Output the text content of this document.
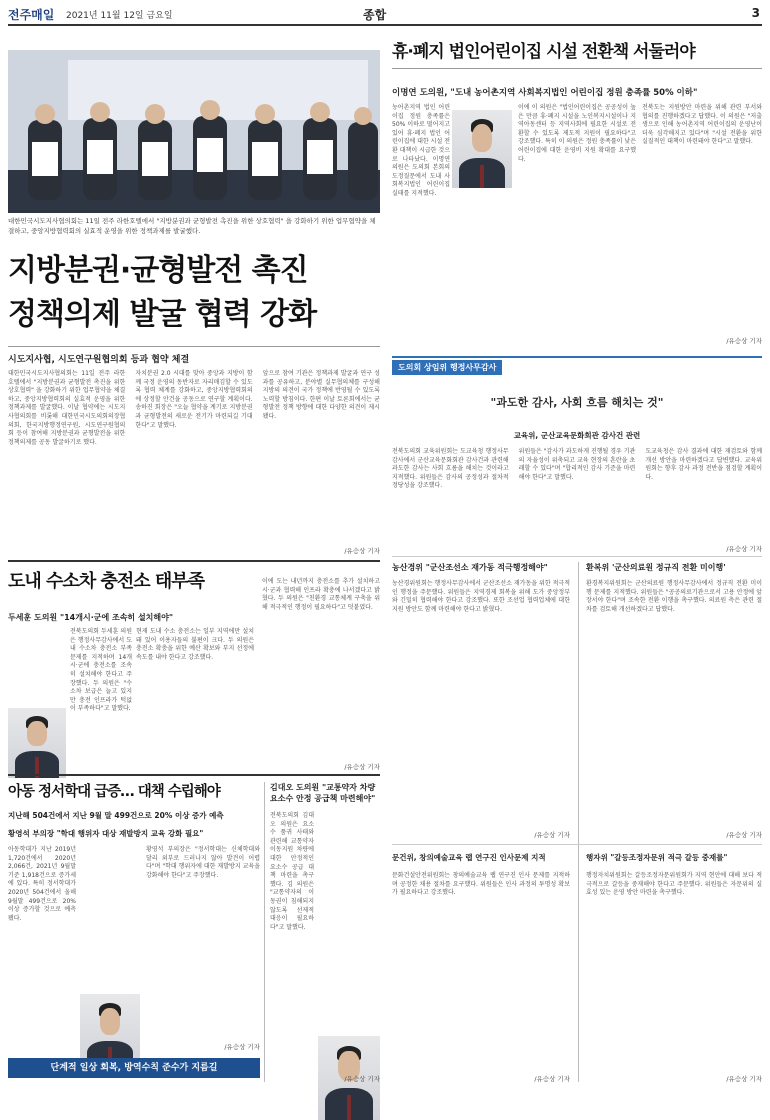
전주매일 2021년 11월 12일 금요일	종합	3
대한민국시도지사협의회는 11일 전주 라한호텔에서 "지방분권과 균형발전 촉진을 위한 상호협력" 을 강화하기 위한 업무협약을 체결하고, 중앙지방협력회의 실효적 운영을 위한 정책과제를 발굴했다.
지방분권·균형발전 촉진
정책의제 발굴 협력 강화
시도지사협, 시도연구원협의회 등과 협약 체결
대한민국시도지사협의회는 11일 전주 라한호텔에서 "지방분권과 균형발전 촉진을 위한 상호협력" 을 강화하기 위한 업무협약을 체결하고, 중앙지방협력회의 실효적 운영을 위한 정책과제를 발굴했다. 이날 협약에는 시도지사협의회를 비롯해 대한민국시도의회의장협의회, 한국지방행정연구원, 시도연구원협의회 등이 참여해 지방분권과 균형발전을 위한 정책의제를 공동 발굴하기로 했다.
자치분권 2.0 시대를 맞아 중앙과 지방이 함께 국정 운영의 동반자로 자리매김할 수 있도록 협력 체계를 강화하고, 중앙지방협력회의에 상정할 안건을 공동으로 연구할 계획이다. 송하진 회장은 "오늘 협약을 계기로 지방분권과 균형발전의 새로운 전기가 마련되길 기대한다"고 말했다.
앞으로 참여 기관은 정책과제 발굴과 연구 성과를 공유하고, 분야별 실무협의체를 구성해 지방의 의견이 국가 정책에 반영될 수 있도록 노력할 방침이다. 한편 이날 토론회에서는 균형발전 정책 방향에 대한 다양한 의견이 제시됐다.
/유승상 기자
휴·폐지 법인어린이집 시설 전환책 서둘러야
이명연 도의원, "도내 농어촌지역 사회복지법인 어린이집 정원 충족률 50% 이하"
농어촌지역 법인 어린이집 정원 충족률은 50% 이하로 떨어지고 있어 휴·폐지 법인 어린이집에 대한 시설 전환 대책이 시급한 것으로 나타났다. 이명연 의원은 도의회 본회의 도정질문에서 도내 사회복지법인 어린이집 실태를 지적했다.
이에 이 의원은 "법인어린이집은 공공성이 높은 만큼 휴·폐지 시설을 노인복지시설이나 지역아동센터 등 지역사회에 필요한 시설로 전환할 수 있도록 제도적 지원이 필요하다"고 강조했다. 특히 이 의원은 정원 충족률이 낮은 어린이집에 대한 운영비 지원 확대를 요구했다.
전북도는 지원방안 마련을 위해 관련 부서와 협의를 진행하겠다고 답했다. 이 의원은 "저출생으로 인해 농어촌지역 어린이집의 운영난이 더욱 심각해지고 있다"며 "시설 전환을 위한 실질적인 대책이 마련돼야 한다"고 말했다.
/유승상 기자
도의회 상임위 행정사무감사
"과도한 감사, 사회 흐름 해치는 것"
교육위, 군산교육문화회관 감사건 관련
전북도의회 교육위원회는 도교육청 행정사무감사에서 군산교육문화회관 감사건과 관련해 과도한 감사는 사회 흐름을 해치는 것이라고 지적했다. 위원들은 감사의 공정성과 절차적 정당성을 강조했다.
위원들은 "감사가 과도하게 진행될 경우 기관의 자율성이 위축되고 교육 현장의 혼란을 초래할 수 있다"며 "합리적인 감사 기준을 마련해야 한다"고 말했다.
도교육청은 감사 결과에 대한 재검토와 함께 개선 방안을 마련하겠다고 답변했다. 교육위원회는 향후 감사 과정 전반을 점검할 계획이다.
/유승상 기자
농산경위 "군산조선소 재가동 적극행정해야"
농산경위원회는 행정사무감사에서 군산조선소 재가동을 위한 적극적인 행정을 주문했다. 위원들은 지역경제 회복을 위해 도가 중앙정부와 긴밀히 협력해야 한다고 강조했다. 또한 조선업 협력업체에 대한 지원 방안도 함께 마련해야 한다고 밝혔다.
/유승상 기자
환복위 '군산의료원 정규직 전환 미이행'
환경복지위원회는 군산의료원 행정사무감사에서 정규직 전환 미이행 문제를 지적했다. 위원들은 "공공의료기관으로서 고용 안정에 앞장서야 한다"며 조속한 전환 이행을 촉구했다. 의료원 측은 관련 절차를 검토해 개선하겠다고 답했다.
/유승상 기자
문건위, 창의예술교육 랩 연구진 인사문제 지적
문화건설안전위원회는 창의예술교육 랩 연구진 인사 문제를 지적하며 공정한 채용 절차를 요구했다. 위원들은 인사 과정의 투명성 확보가 필요하다고 강조했다.
/유승상 기자
행자위 "갈등조정자문위 적극 갈등 중재를"
행정자치위원회는 갈등조정자문위원회가 지역 현안에 대해 보다 적극적으로 갈등을 중재해야 한다고 주문했다. 위원들은 자문위의 실효성 있는 운영 방안 마련을 촉구했다.
/유승상 기자
도내 수소차 충전소 태부족
두세훈 도의원 "14개시·군에 조속히 설치해야"
전북도의회 두세훈 의원은 행정사무감사에서 도내 수소차 충전소 부족 문제를 지적하며 14개 시·군에 충전소를 조속히 설치해야 한다고 주장했다. 두 의원은 "수소차 보급은 늘고 있지만 충전 인프라가 턱없이 부족하다"고 말했다.
현재 도내 수소 충전소는 일부 지역에만 설치돼 있어 이용자들의 불편이 크다. 두 의원은 충전소 확충을 위한 예산 확보와 부지 선정에 속도를 내야 한다고 강조했다.
이에 도는 내년까지 충전소를 추가 설치하고 시·군과 협력해 인프라 확충에 나서겠다고 밝혔다. 두 의원은 "친환경 교통체계 구축을 위해 적극적인 행정이 필요하다"고 덧붙였다.
/유승상 기자
아동 정서학대 급증… 대책 수립해야
지난해 504건에서 지난 9월 말 499건으로 20% 이상 증가 예측
황영석 부의장 "학대 행위자 대상 재발방지 교육 강화 필요"
아동학대가 지난 2019년 1,720건에서 2020년 2,066건, 2021년 9월말 기준 1,918건으로 증가세에 있다. 특히 정서학대가 2020년 504건에서 올해 9월말 499건으로 20% 이상 증가할 것으로 예측됐다.
황영석 부의장은 "정서학대는 신체학대와 달리 외부로 드러나지 않아 발견이 어렵다"며 "학대 행위자에 대한 재발방지 교육을 강화해야 한다"고 주장했다.
/유승상 기자
단계적 일상 회복, 방역수칙 준수가 지름길
김대오 도의원 "교통약자 차량 요소수 안정 공급책 마련해야"
전북도의회 김대오 의원은 요소수 품귀 사태와 관련해 교통약자 이동지원 차량에 대한 안정적인 요소수 공급 대책 마련을 촉구했다. 김 의원은 "교통약자의 이동권이 침해되지 않도록 선제적 대응이 필요하다"고 말했다.
/유승상 기자
